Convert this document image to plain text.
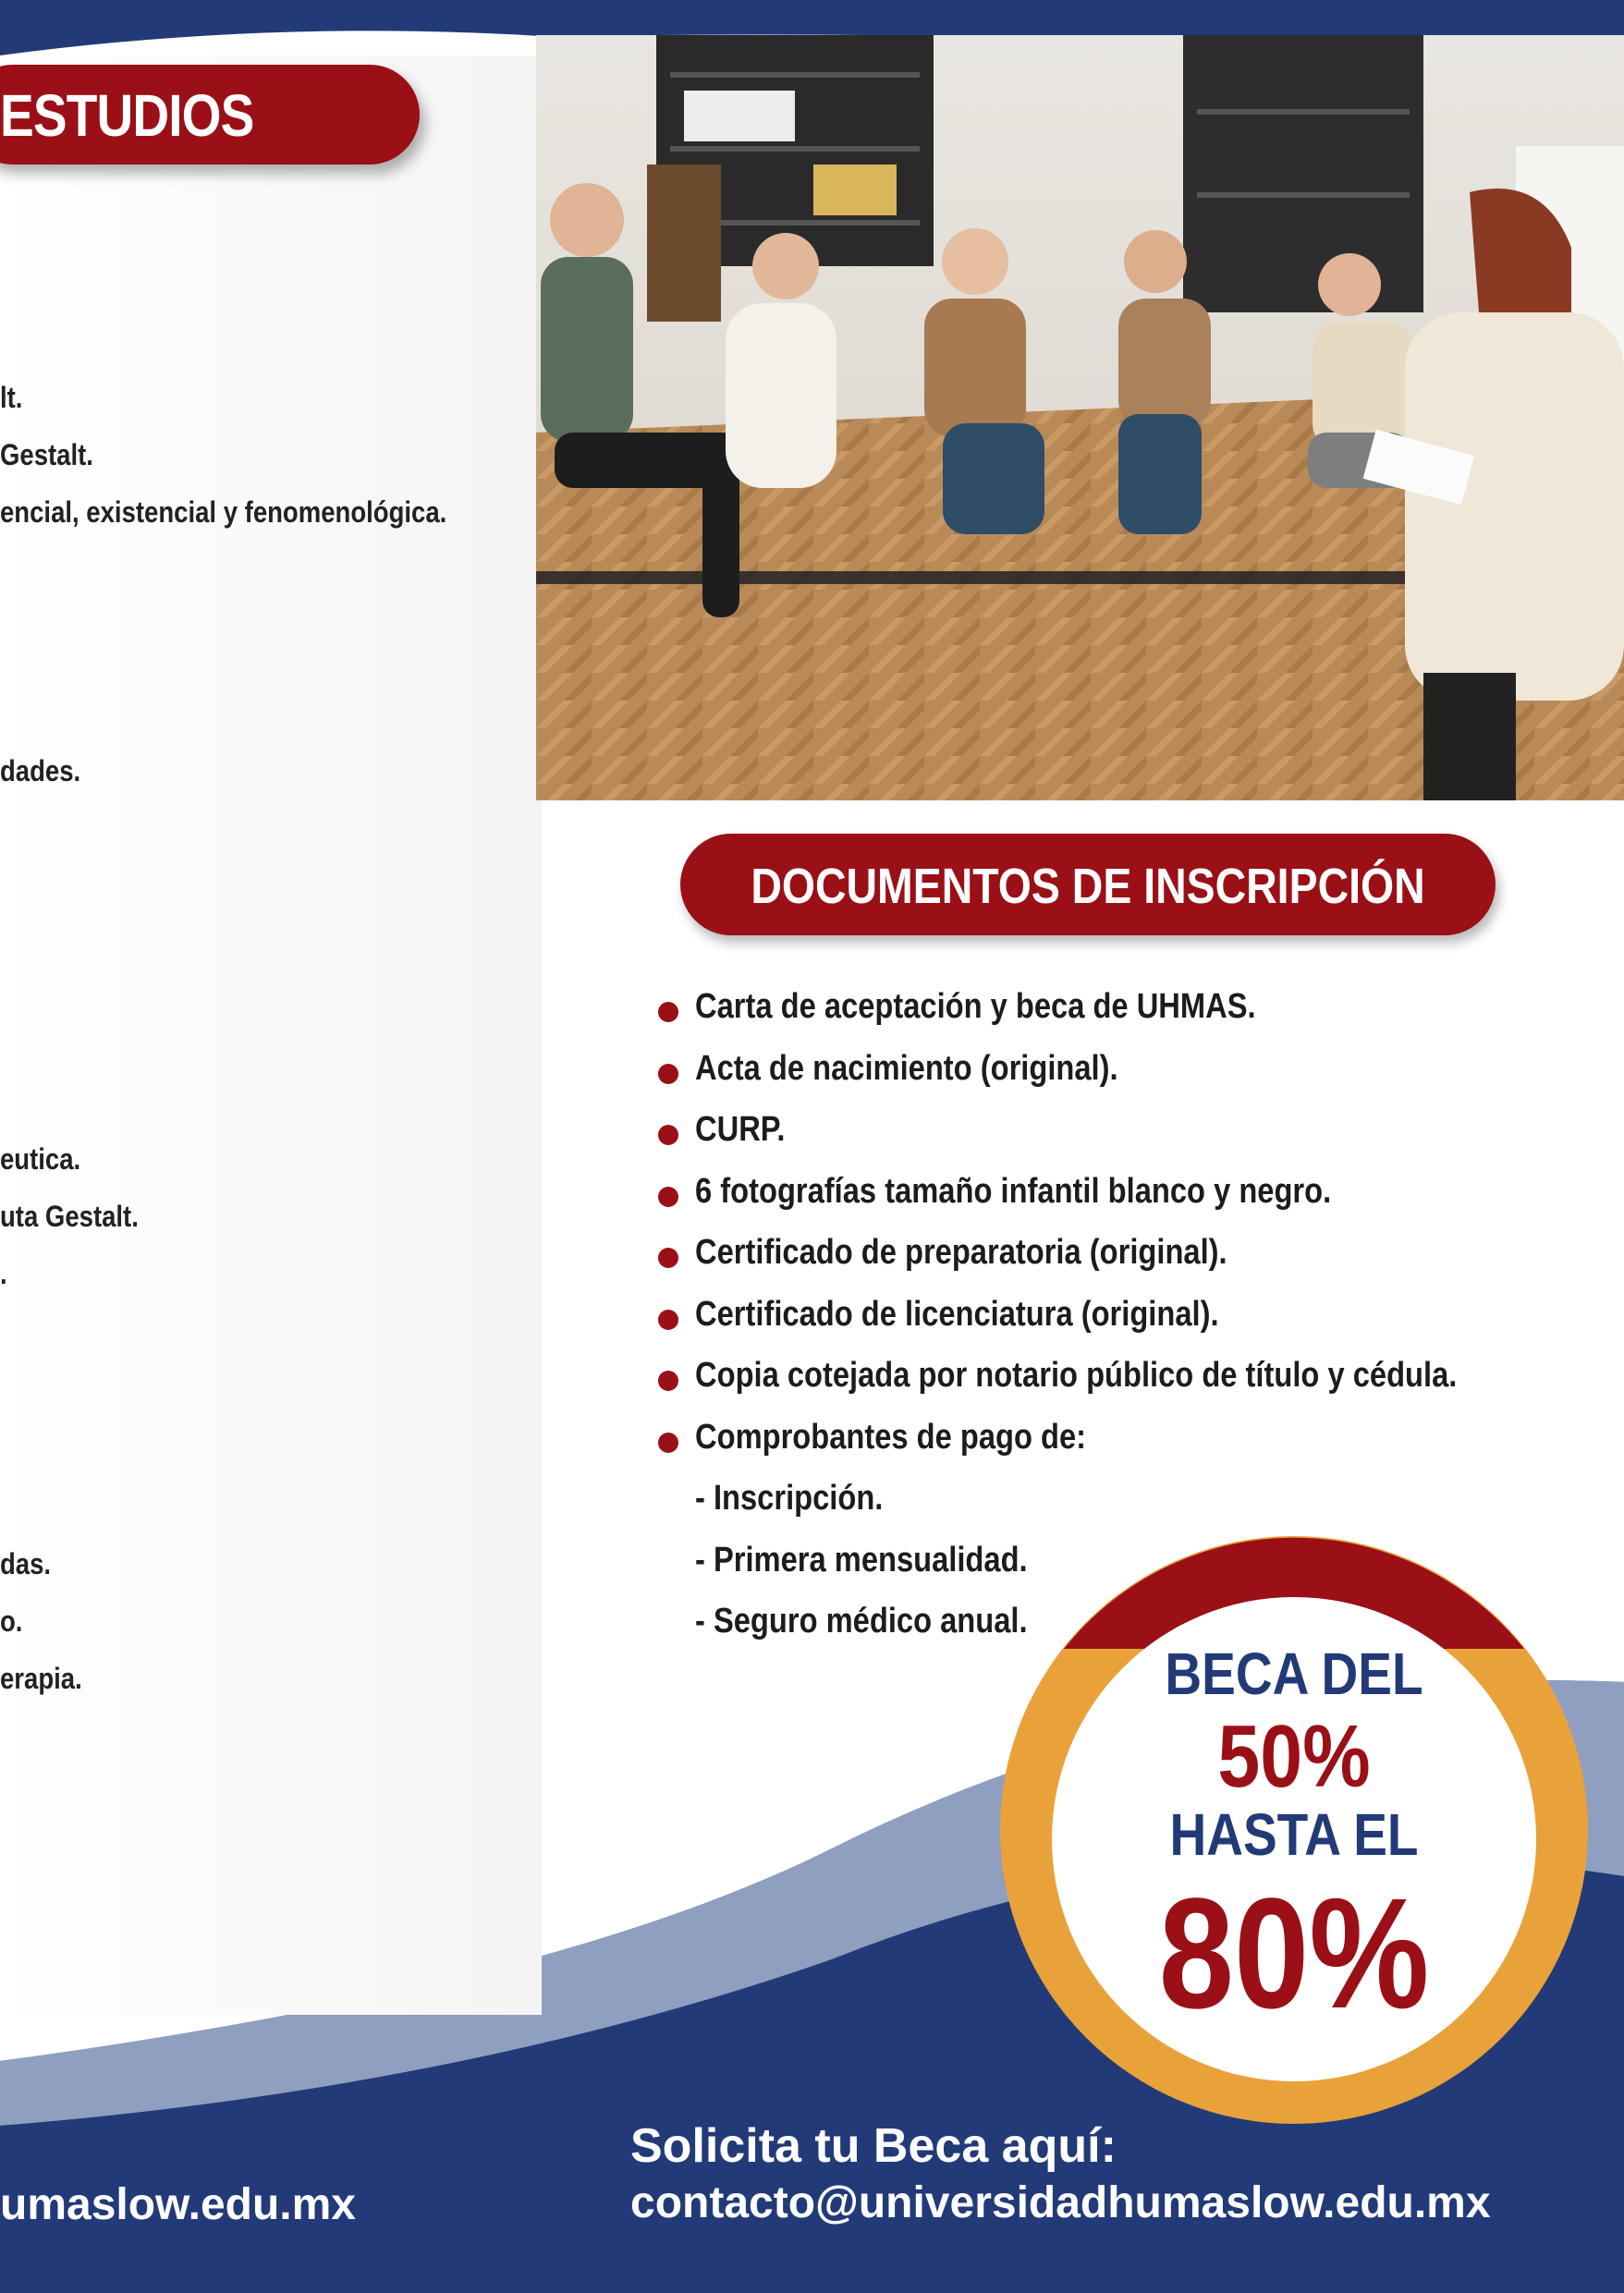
ESTUDIOS
lt.
Gestalt.
encial, existencial y fenomenológica.
dades.
eutica.
uta Gestalt.
.
das.
o.
erapia.
DOCUMENTOS DE INSCRIPCIÓN
Carta de aceptación y beca de UHMAS.
Acta de nacimiento (original).
CURP.
6 fotografías tamaño infantil blanco y negro.
Certificado de preparatoria (original).
Certificado de licenciatura (original).
Copia cotejada por notario público de título y cédula.
Comprobantes de pago de:
- Inscripción.
- Primera mensualidad.
- Seguro médico anual.
BECA DEL
50%
HASTA EL
80%
umaslow.edu.mx
Solicita tu Beca aquí:
contacto@universidadhumaslow.edu.mx
